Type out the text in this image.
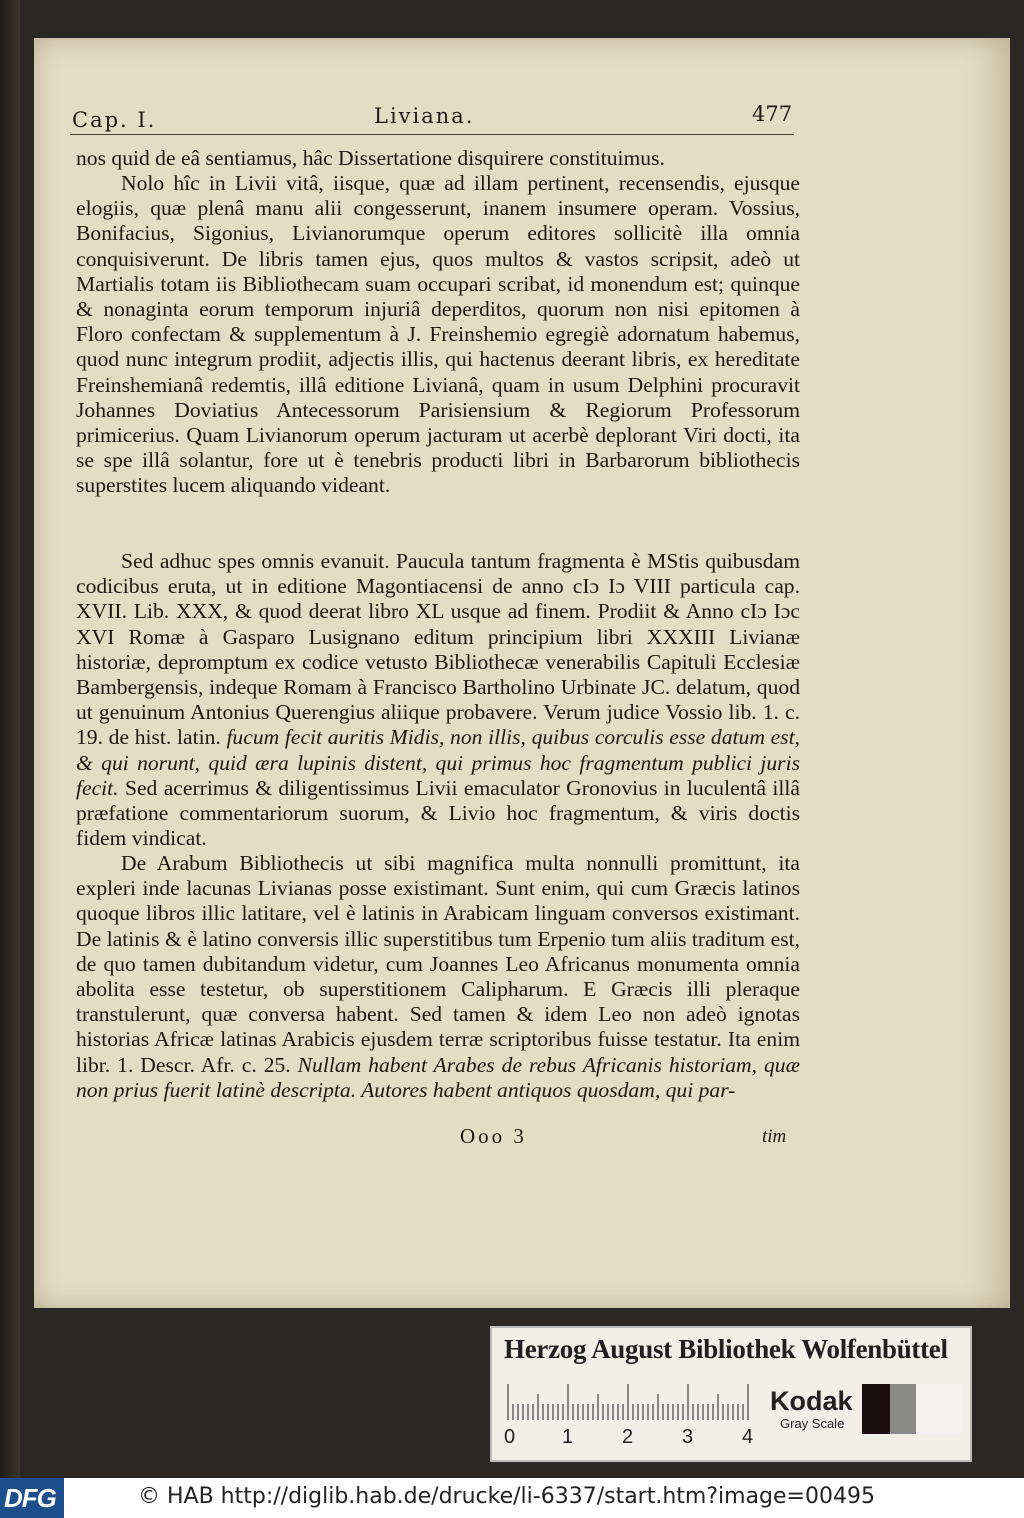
Cap. I.	Liviana.	477

nos quid de eâ sentiamus, hâc Dissertatione disquirere constituimus.

Nolo hîc in Livii vitâ, iisque, quæ ad illam pertinent, recensendis, ejusque elogiis, quæ plenâ manu alii congesserunt, inanem insumere operam. Vossius, Bonifacius, Sigonius, Livianorumque operum editores sollicitè illa omnia conquisiverunt. De libris tamen ejus, quos multos & vastos scripsit, adeò ut Martialis totam iis Bibliothecam suam occupari scribat, id monendum est; quinque & nonaginta eorum temporum injuriâ deperditos, quorum non nisi epitomen à Floro confectam & supplementum à J. Freinshemio egregiè adornatum habemus, quod nunc integrum prodiit, adjectis illis, qui hactenus deerant libris, ex hereditate Freinshemianâ redemtis, illâ editione Livianâ, quam in usum Delphini procuravit Johannes Doviatius Antecessorum Parisiensium & Regiorum Professorum primicerius. Quam Livianorum operum jacturam ut acerbè deplorant Viri docti, ita se spe illâ solantur, fore ut è tenebris producti libri in Barbarorum bibliothecis superstites lucem aliquando videant.

Sed adhuc spes omnis evanuit. Paucula tantum fragmenta è MStis quibusdam codicibus eruta, ut in editione Magontiacensi de anno cIɔ Iɔ VIII particula cap. XVII. Lib. XXX, & quod deerat libro XL usque ad finem. Prodiit & Anno cIɔ Iɔc XVI Romæ à Gasparo Lusignano editum principium libri XXXIII Livianæ historiæ, depromptum ex codice vetusto Bibliothecæ venerabilis Capituli Ecclesiæ Bambergensis, indeque Romam à Francisco Bartholino Urbinate JC. delatum, quod ut genuinum Antonius Querengius aliique probavere. Verum judice Vossio lib. 1. c. 19. de hist. latin. fucum fecit auritis Midis, non illis, quibus corculis esse datum est, & qui norunt, quid æra lupinis distent, qui primus hoc fragmentum publici juris fecit. Sed acerrimus & diligentissimus Livii emaculator Gronovius in luculentâ illâ præfatione commentariorum suorum, & Livio hoc fragmentum, & viris doctis fidem vindicat.

De Arabum Bibliothecis ut sibi magnifica multa nonnulli promittunt, ita expleri inde lacunas Livianas posse existimant. Sunt enim, qui cum Græcis latinos quoque libros illic latitare, vel è latinis in Arabicam linguam conversos existimant. De latinis & è latino conversis illic superstitibus tum Erpenio tum aliis traditum est, de quo tamen dubitandum videtur, cum Joannes Leo Africanus monumenta omnia abolita esse testetur, ob superstitionem Calipharum. E Græcis illi pleraque transtulerunt, quæ conversa habent. Sed tamen & idem Leo non adeò ignotas historias Africæ latinas Arabicis ejusdem terræ scriptoribus fuisse testatur. Ita enim libr. 1. Descr. Afr. c. 25. Nullam habent Arabes de rebus Africanis historiam, quæ non prius fuerit latinè descripta. Autores habent antiquos quosdam, qui par-

Ooo 3	tim
Herzog August Bibliothek Wolfenbüttel
0 1 2 3 4
Kodak
Gray Scale
DFG	© HAB http://diglib.hab.de/drucke/li-6337/start.htm?image=00495
